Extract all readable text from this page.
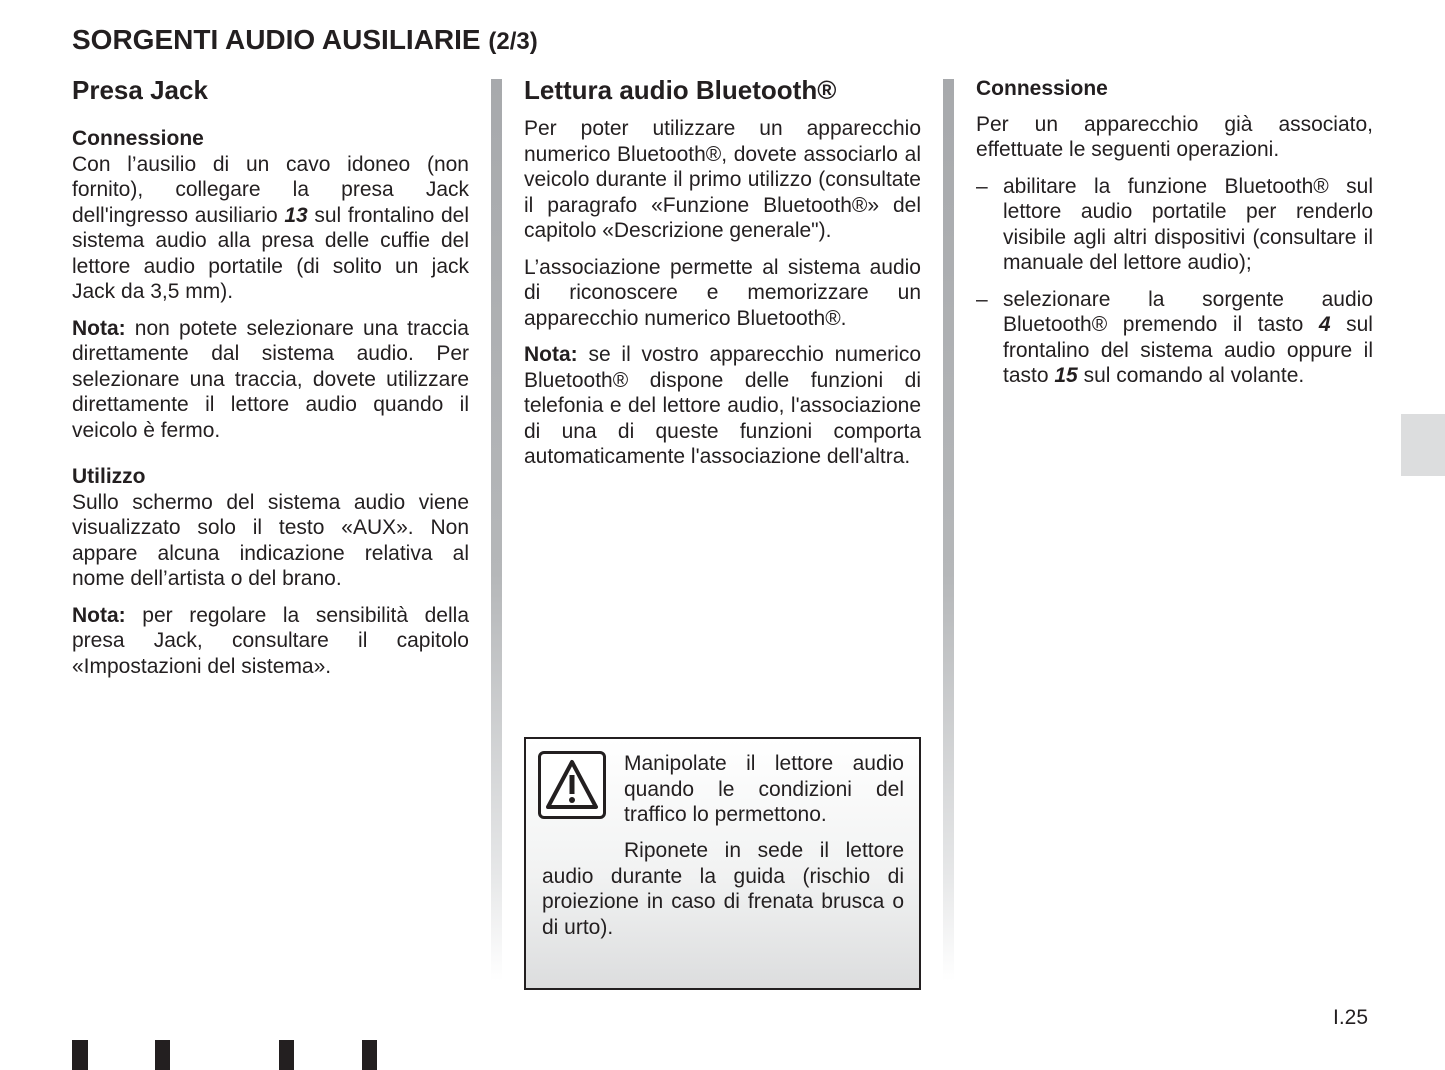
SORGENTI AUDIO AUSILIARIE (2/3)
Presa Jack
Connessione

Con l’ausilio di un cavo idoneo (non fornito), collegare la presa Jack dell'ingresso ausiliario 13 sul frontalino del sistema audio alla presa delle cuffie del lettore audio portatile (di solito un jack Jack da 3,5 mm).

Nota: non potete selezionare una traccia direttamente dal sistema audio. Per selezionare una traccia, dovete utilizzare direttamente il lettore audio quando il veicolo è fermo.

Utilizzo

Sullo schermo del sistema audio viene visualizzato solo il testo «AUX». Non appare alcuna indicazione relativa al nome dell’artista o del brano.

Nota: per regolare la sensibilità della presa Jack, consultare il capitolo «Impostazioni del sistema».

Lettura audio Bluetooth®

Per poter utilizzare un apparecchio numerico Bluetooth®, dovete associarlo al veicolo durante il primo utilizzo (consultate il paragrafo «Funzione Bluetooth®» del capitolo «Descrizione generale").

L’associazione permette al sistema audio di riconoscere e memorizzare un apparecchio numerico Bluetooth®.

Nota: se il vostro apparecchio numerico Bluetooth® dispone delle funzioni di telefonia e del lettore audio, l'associazione di una di queste funzioni comporta automaticamente l'associazione dell'altra.

Manipolate il lettore audio quando le condizioni del traffico lo permettono.

Riponete in sede il lettore audio durante la guida (rischio di proiezione in caso di frenata brusca o di urto).

Connessione

Per un apparecchio già associato, effettuate le seguenti operazioni.

– abilitare la funzione Bluetooth® sul lettore audio portatile per renderlo visibile agli altri dispositivi (consultare il manuale del lettore audio);
– selezionare la sorgente audio Bluetooth® premendo il tasto 4 sul frontalino del sistema audio oppure il tasto 15 sul comando al volante.

I.25
